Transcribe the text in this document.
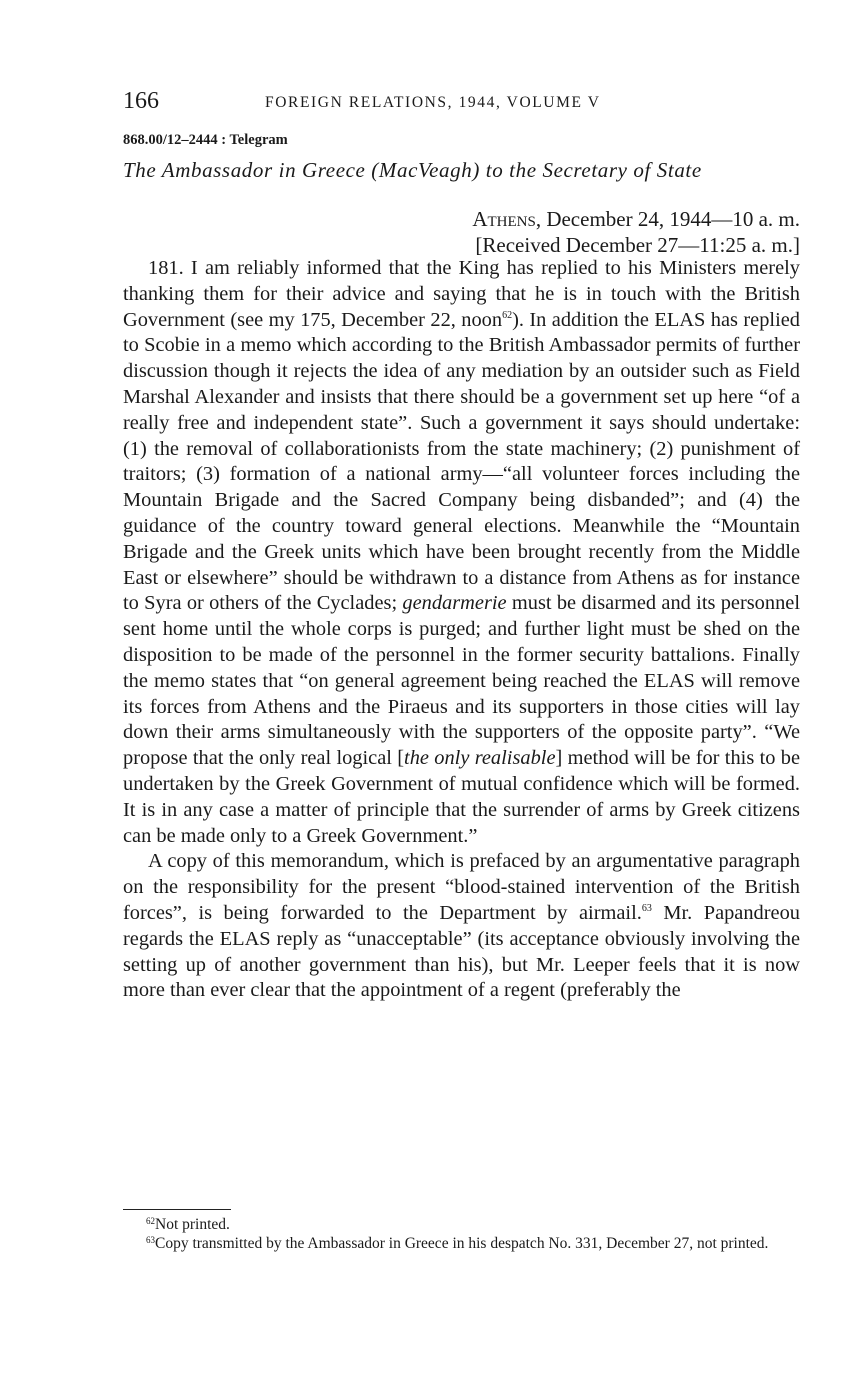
166	FOREIGN RELATIONS, 1944, VOLUME V
868.00/12–2444 : Telegram
The Ambassador in Greece (MacVeagh) to the Secretary of State
Athens, December 24, 1944—10 a. m.
[Received December 27—11:25 a. m.]

181. I am reliably informed that the King has replied to his Ministers merely thanking them for their advice and saying that he is in touch with the British Government (see my 175, December 22, noon$^{62}$). In addition the ELAS has replied to Scobie in a memo which according to the British Ambassador permits of further discussion though it rejects the idea of any mediation by an outsider such as Field Marshal Alexander and insists that there should be a government set up here “of a really free and independent state”. Such a government it says should undertake: (1) the removal of collaborationists from the state machinery; (2) punishment of traitors; (3) formation of a national army—“all volunteer forces including the Mountain Brigade and the Sacred Company being disbanded”; and (4) the guidance of the country toward general elections. Meanwhile the “Mountain Brigade and the Greek units which have been brought recently from the Middle East or elsewhere” should be withdrawn to a distance from Athens as for instance to Syra or others of the Cyclades; gendarmerie must be disarmed and its personnel sent home until the whole corps is purged; and further light must be shed on the disposition to be made of the personnel in the former security battalions. Finally the memo states that “on general agreement being reached the ELAS will remove its forces from Athens and the Piraeus and its supporters in those cities will lay down their arms simultaneously with the supporters of the opposite party”. “We propose that the only real logical [the only realisable] method will be for this to be undertaken by the Greek Government of mutual confidence which will be formed. It is in any case a matter of principle that the surrender of arms by Greek citizens can be made only to a Greek Government.”

A copy of this memorandum, which is prefaced by an argumentative paragraph on the responsibility for the present “blood-stained intervention of the British forces”, is being forwarded to the Department by airmail.$^{63}$ Mr. Papandreou regards the ELAS reply as “unacceptable” (its acceptance obviously involving the setting up of another government than his), but Mr. Leeper feels that it is now more than ever clear that the appointment of a regent (preferably the

$^{62}$Not printed.

$^{63}$Copy transmitted by the Ambassador in Greece in his despatch No. 331, December 27, not printed.
